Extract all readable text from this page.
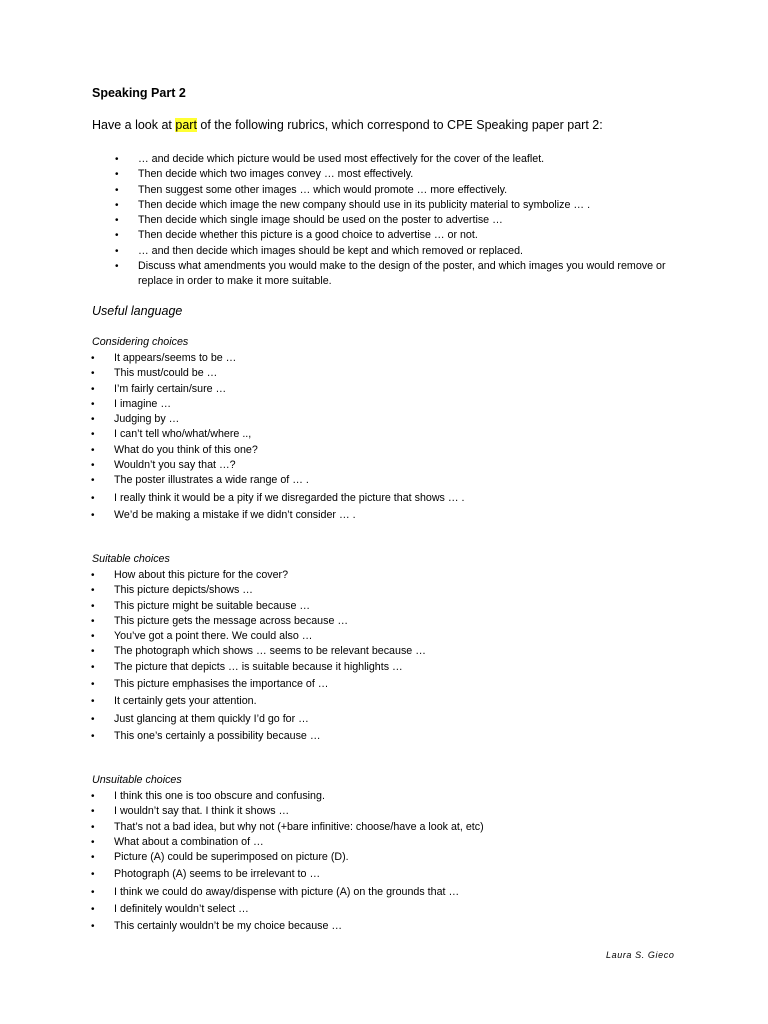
Speaking Part 2
Have a look at part of the following rubrics, which correspond to CPE Speaking paper part 2:
• … and decide which picture would be used most effectively for the cover of the leaflet.
• Then decide which two images convey … most effectively.
• Then suggest some other images … which would promote … more effectively.
• Then decide which image the new company should use in its publicity material to symbolize … .
• Then decide which single image should be used on the poster to advertise …
• Then decide whether this picture is a good choice to advertise … or not.
• … and then decide which images should be kept and which removed or replaced.
• Discuss what amendments you would make to the design of the poster, and which images you would remove or replace in order to make it more suitable.
Useful language
Considering choices
• It appears/seems to be …
• This must/could be …
• I’m fairly certain/sure …
• I imagine …
• Judging by …
• I can’t tell who/what/where ..,
• What do you think of this one?
• Wouldn’t you say that …?
• The poster illustrates a wide range of … .
• I really think it would be a pity if we disregarded the picture that shows … .
• We’d be making a mistake if we didn’t consider … .
Suitable choices
• How about this picture for the cover?
• This picture depicts/shows …
• This picture might be suitable because …
• This picture gets the message across because …
• You’ve got a point there. We could also …
• The photograph which shows … seems to be relevant because …
• The picture that depicts … is suitable because it highlights …
• This picture emphasises the importance of …
• It certainly gets your attention.
• Just glancing at them quickly I’d go for …
• This one’s certainly a possibility because …
Unsuitable choices
• I think this one is too obscure and confusing.
• I wouldn’t say that. I think it shows …
• That’s not a bad idea, but why not (+bare infinitive: choose/have a look at, etc)
• What about a combination of …
• Picture (A) could be superimposed on picture (D).
• Photograph (A) seems to be irrelevant to …
• I think we could do away/dispense with picture (A) on the grounds that …
• I definitely wouldn’t select …
• This certainly wouldn’t be my choice because …
Laura S. Gieco
